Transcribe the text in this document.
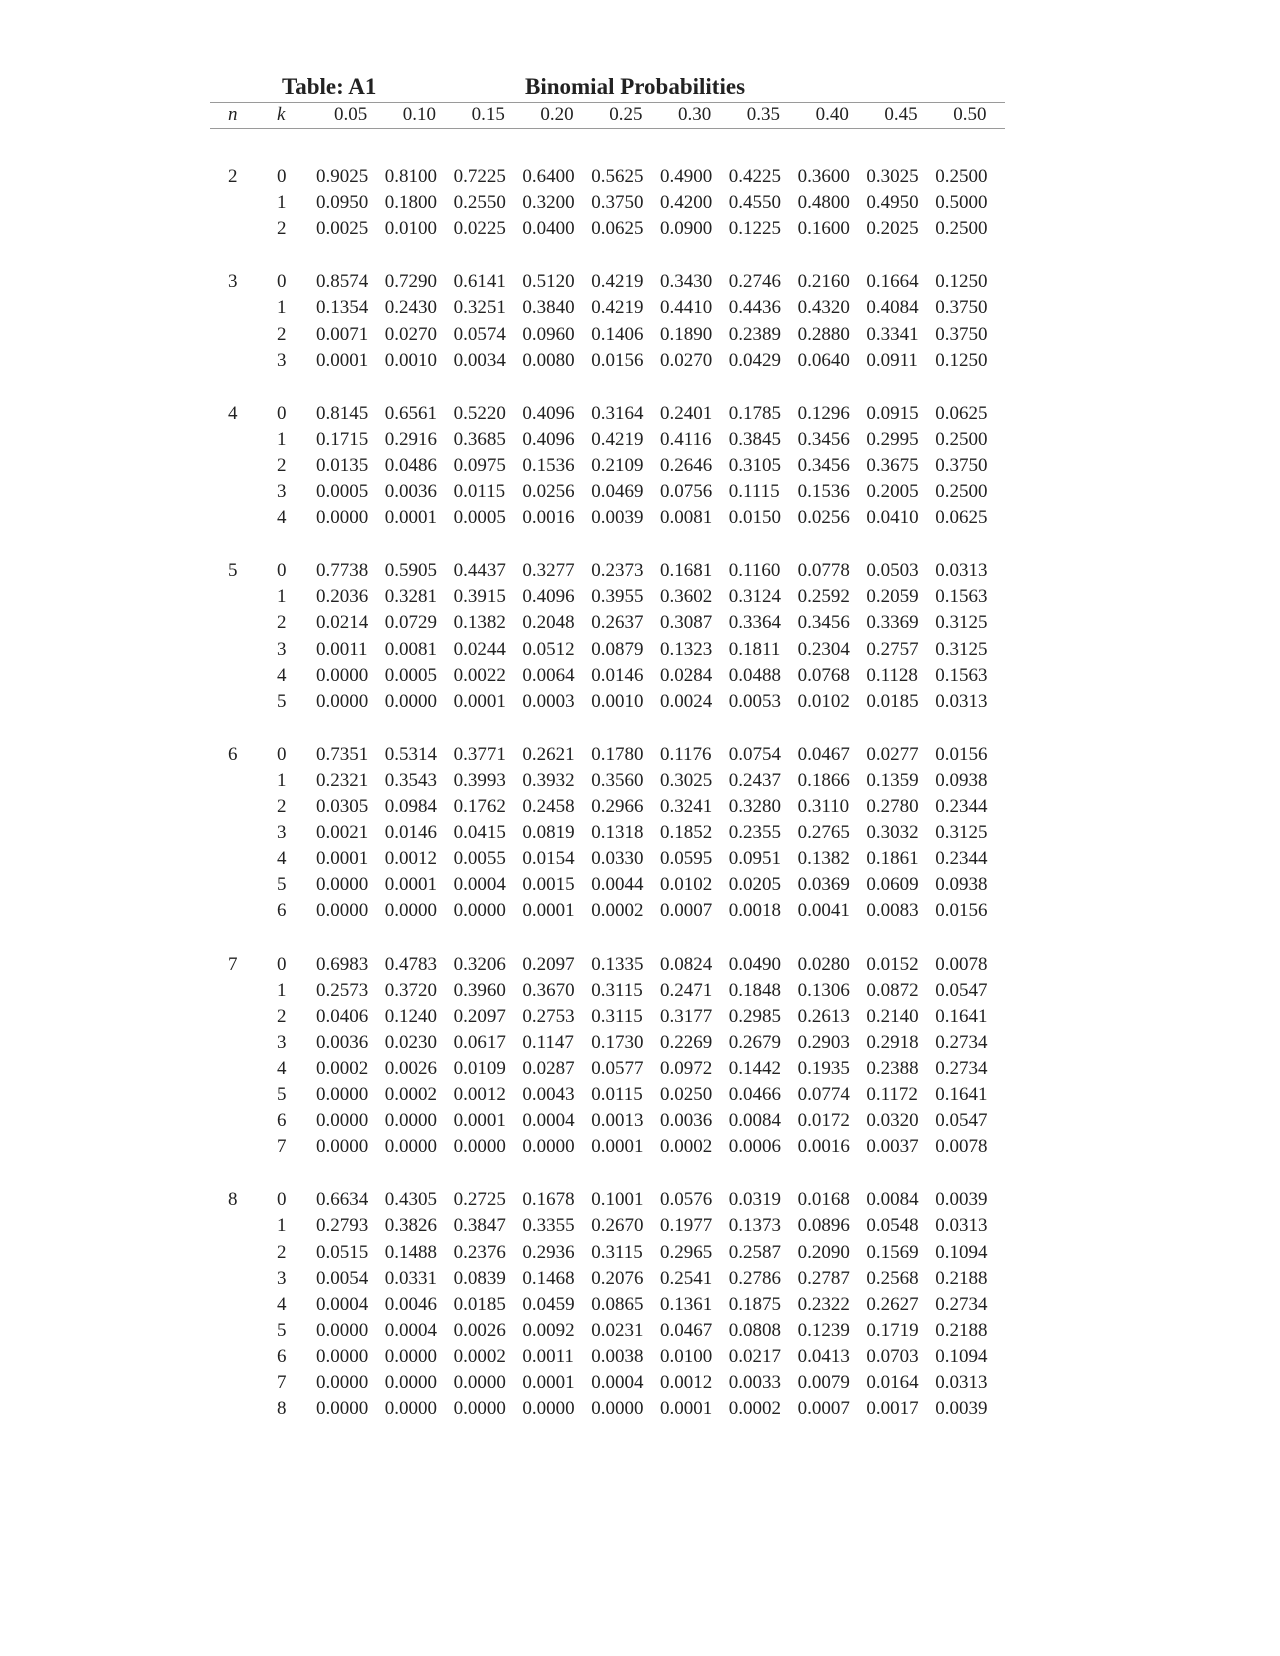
Table: A1	Binomial Probabilities
n k	0.05 0.10 0.15 0.20 0.25 0.30 0.35 0.40 0.45 0.50
2 0 0.9025 0.8100 0.7225 0.6400 0.5625 0.4900 0.4225 0.3600 0.3025 0.2500
1 0.0950 0.1800 0.2550 0.3200 0.3750 0.4200 0.4550 0.4800 0.4950 0.5000
2 0.0025 0.0100 0.0225 0.0400 0.0625 0.0900 0.1225 0.1600 0.2025 0.2500
3 0 0.8574 0.7290 0.6141 0.5120 0.4219 0.3430 0.2746 0.2160 0.1664 0.1250
1 0.1354 0.2430 0.3251 0.3840 0.4219 0.4410 0.4436 0.4320 0.4084 0.3750
2 0.0071 0.0270 0.0574 0.0960 0.1406 0.1890 0.2389 0.2880 0.3341 0.3750
3 0.0001 0.0010 0.0034 0.0080 0.0156 0.0270 0.0429 0.0640 0.0911 0.1250
4 0 0.8145 0.6561 0.5220 0.4096 0.3164 0.2401 0.1785 0.1296 0.0915 0.0625
1 0.1715 0.2916 0.3685 0.4096 0.4219 0.4116 0.3845 0.3456 0.2995 0.2500
2 0.0135 0.0486 0.0975 0.1536 0.2109 0.2646 0.3105 0.3456 0.3675 0.3750
3 0.0005 0.0036 0.0115 0.0256 0.0469 0.0756 0.1115 0.1536 0.2005 0.2500
4 0.0000 0.0001 0.0005 0.0016 0.0039 0.0081 0.0150 0.0256 0.0410 0.0625
5 0 0.7738 0.5905 0.4437 0.3277 0.2373 0.1681 0.1160 0.0778 0.0503 0.0313
1 0.2036 0.3281 0.3915 0.4096 0.3955 0.3602 0.3124 0.2592 0.2059 0.1563
2 0.0214 0.0729 0.1382 0.2048 0.2637 0.3087 0.3364 0.3456 0.3369 0.3125
3 0.0011 0.0081 0.0244 0.0512 0.0879 0.1323 0.1811 0.2304 0.2757 0.3125
4 0.0000 0.0005 0.0022 0.0064 0.0146 0.0284 0.0488 0.0768 0.1128 0.1563
5 0.0000 0.0000 0.0001 0.0003 0.0010 0.0024 0.0053 0.0102 0.0185 0.0313
6 0 0.7351 0.5314 0.3771 0.2621 0.1780 0.1176 0.0754 0.0467 0.0277 0.0156
1 0.2321 0.3543 0.3993 0.3932 0.3560 0.3025 0.2437 0.1866 0.1359 0.0938
2 0.0305 0.0984 0.1762 0.2458 0.2966 0.3241 0.3280 0.3110 0.2780 0.2344
3 0.0021 0.0146 0.0415 0.0819 0.1318 0.1852 0.2355 0.2765 0.3032 0.3125
4 0.0001 0.0012 0.0055 0.0154 0.0330 0.0595 0.0951 0.1382 0.1861 0.2344
5 0.0000 0.0001 0.0004 0.0015 0.0044 0.0102 0.0205 0.0369 0.0609 0.0938
6 0.0000 0.0000 0.0000 0.0001 0.0002 0.0007 0.0018 0.0041 0.0083 0.0156
7 0 0.6983 0.4783 0.3206 0.2097 0.1335 0.0824 0.0490 0.0280 0.0152 0.0078
1 0.2573 0.3720 0.3960 0.3670 0.3115 0.2471 0.1848 0.1306 0.0872 0.0547
2 0.0406 0.1240 0.2097 0.2753 0.3115 0.3177 0.2985 0.2613 0.2140 0.1641
3 0.0036 0.0230 0.0617 0.1147 0.1730 0.2269 0.2679 0.2903 0.2918 0.2734
4 0.0002 0.0026 0.0109 0.0287 0.0577 0.0972 0.1442 0.1935 0.2388 0.2734
5 0.0000 0.0002 0.0012 0.0043 0.0115 0.0250 0.0466 0.0774 0.1172 0.1641
6 0.0000 0.0000 0.0001 0.0004 0.0013 0.0036 0.0084 0.0172 0.0320 0.0547
7 0.0000 0.0000 0.0000 0.0000 0.0001 0.0002 0.0006 0.0016 0.0037 0.0078
8 0 0.6634 0.4305 0.2725 0.1678 0.1001 0.0576 0.0319 0.0168 0.0084 0.0039
1 0.2793 0.3826 0.3847 0.3355 0.2670 0.1977 0.1373 0.0896 0.0548 0.0313
2 0.0515 0.1488 0.2376 0.2936 0.3115 0.2965 0.2587 0.2090 0.1569 0.1094
3 0.0054 0.0331 0.0839 0.1468 0.2076 0.2541 0.2786 0.2787 0.2568 0.2188
4 0.0004 0.0046 0.0185 0.0459 0.0865 0.1361 0.1875 0.2322 0.2627 0.2734
5 0.0000 0.0004 0.0026 0.0092 0.0231 0.0467 0.0808 0.1239 0.1719 0.2188
6 0.0000 0.0000 0.0002 0.0011 0.0038 0.0100 0.0217 0.0413 0.0703 0.1094
7 0.0000 0.0000 0.0000 0.0001 0.0004 0.0012 0.0033 0.0079 0.0164 0.0313
8 0.0000 0.0000 0.0000 0.0000 0.0000 0.0001 0.0002 0.0007 0.0017 0.0039
